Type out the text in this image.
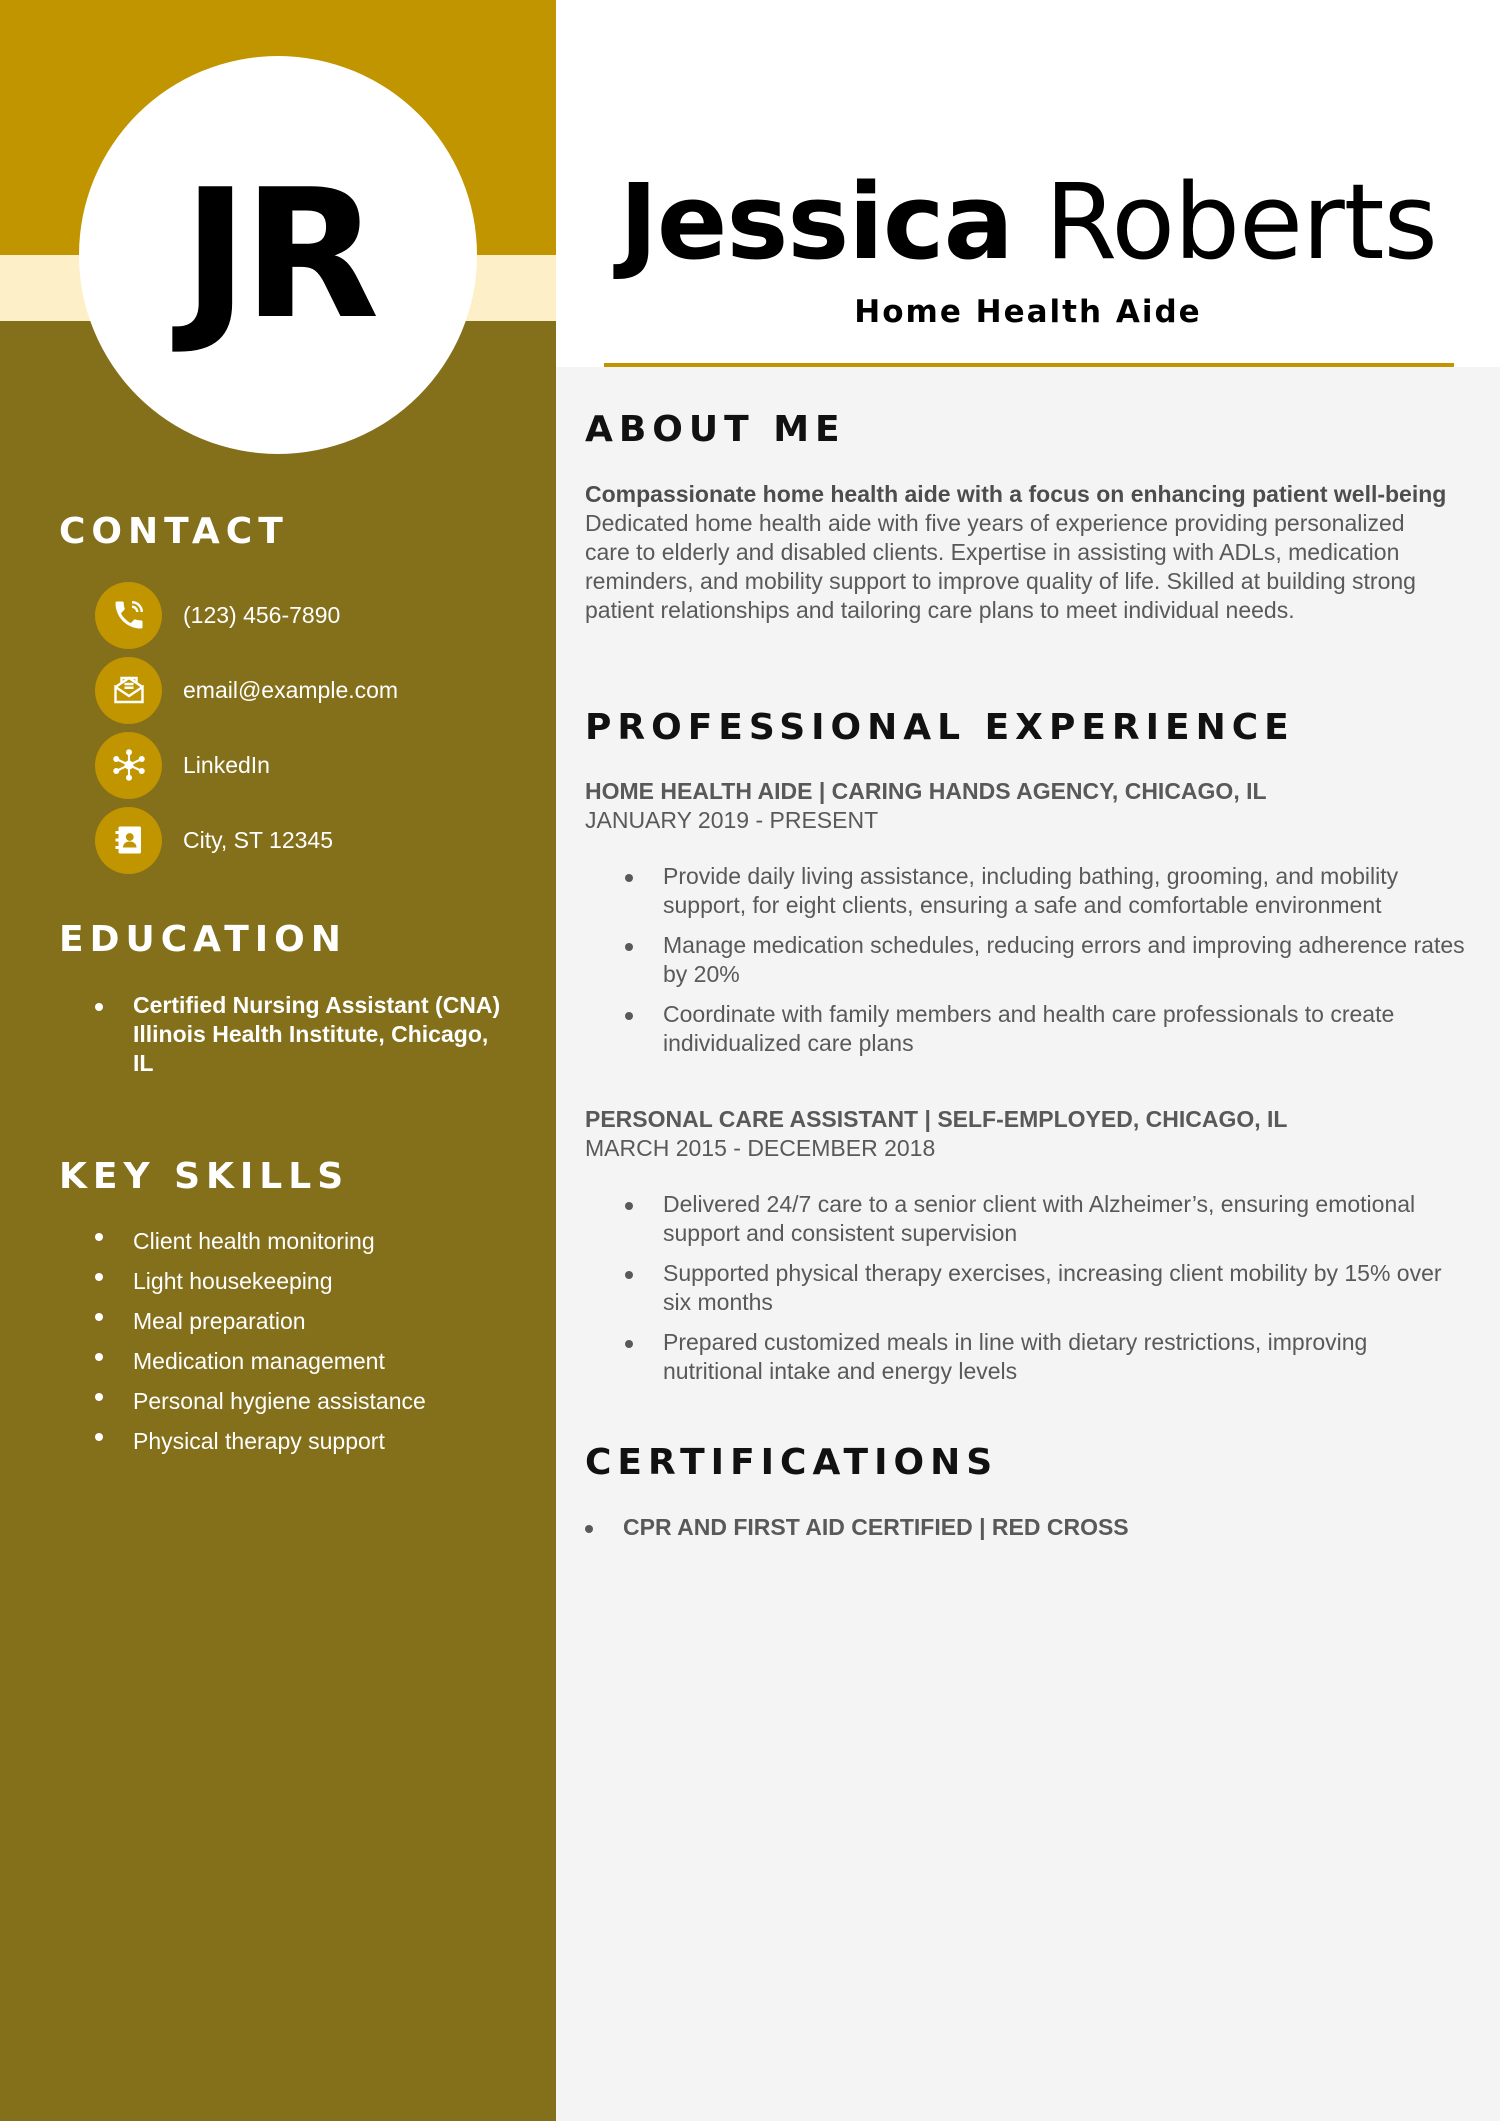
JR
CONTACT
(123) 456-7890
email@example.com
LinkedIn
City, ST 12345
EDUCATION
Certified Nursing Assistant (CNA)
Illinois Health Institute, Chicago, IL
KEY SKILLS
Client health monitoring
Light housekeeping
Meal preparation
Medication management
Personal hygiene assistance
Physical therapy support
Jessica Roberts
Home Health Aide
ABOUT ME
Compassionate home health aide with a focus on enhancing patient well-being
Dedicated home health aide with five years of experience providing personalized care to elderly and disabled clients. Expertise in assisting with ADLs, medication reminders, and mobility support to improve quality of life. Skilled at building strong patient relationships and tailoring care plans to meet individual needs.
PROFESSIONAL EXPERIENCE
HOME HEALTH AIDE | CARING HANDS AGENCY, CHICAGO, IL
JANUARY 2019 - PRESENT
Provide daily living assistance, including bathing, grooming, and mobility support, for eight clients, ensuring a safe and comfortable environment
Manage medication schedules, reducing errors and improving adherence rates by 20%
Coordinate with family members and health care professionals to create individualized care plans
PERSONAL CARE ASSISTANT | SELF-EMPLOYED, CHICAGO, IL
MARCH 2015 - DECEMBER 2018
Delivered 24/7 care to a senior client with Alzheimer’s, ensuring emotional support and consistent supervision
Supported physical therapy exercises, increasing client mobility by 15% over six months
Prepared customized meals in line with dietary restrictions, improving nutritional intake and energy levels
CERTIFICATIONS
CPR AND FIRST AID CERTIFIED | RED CROSS
